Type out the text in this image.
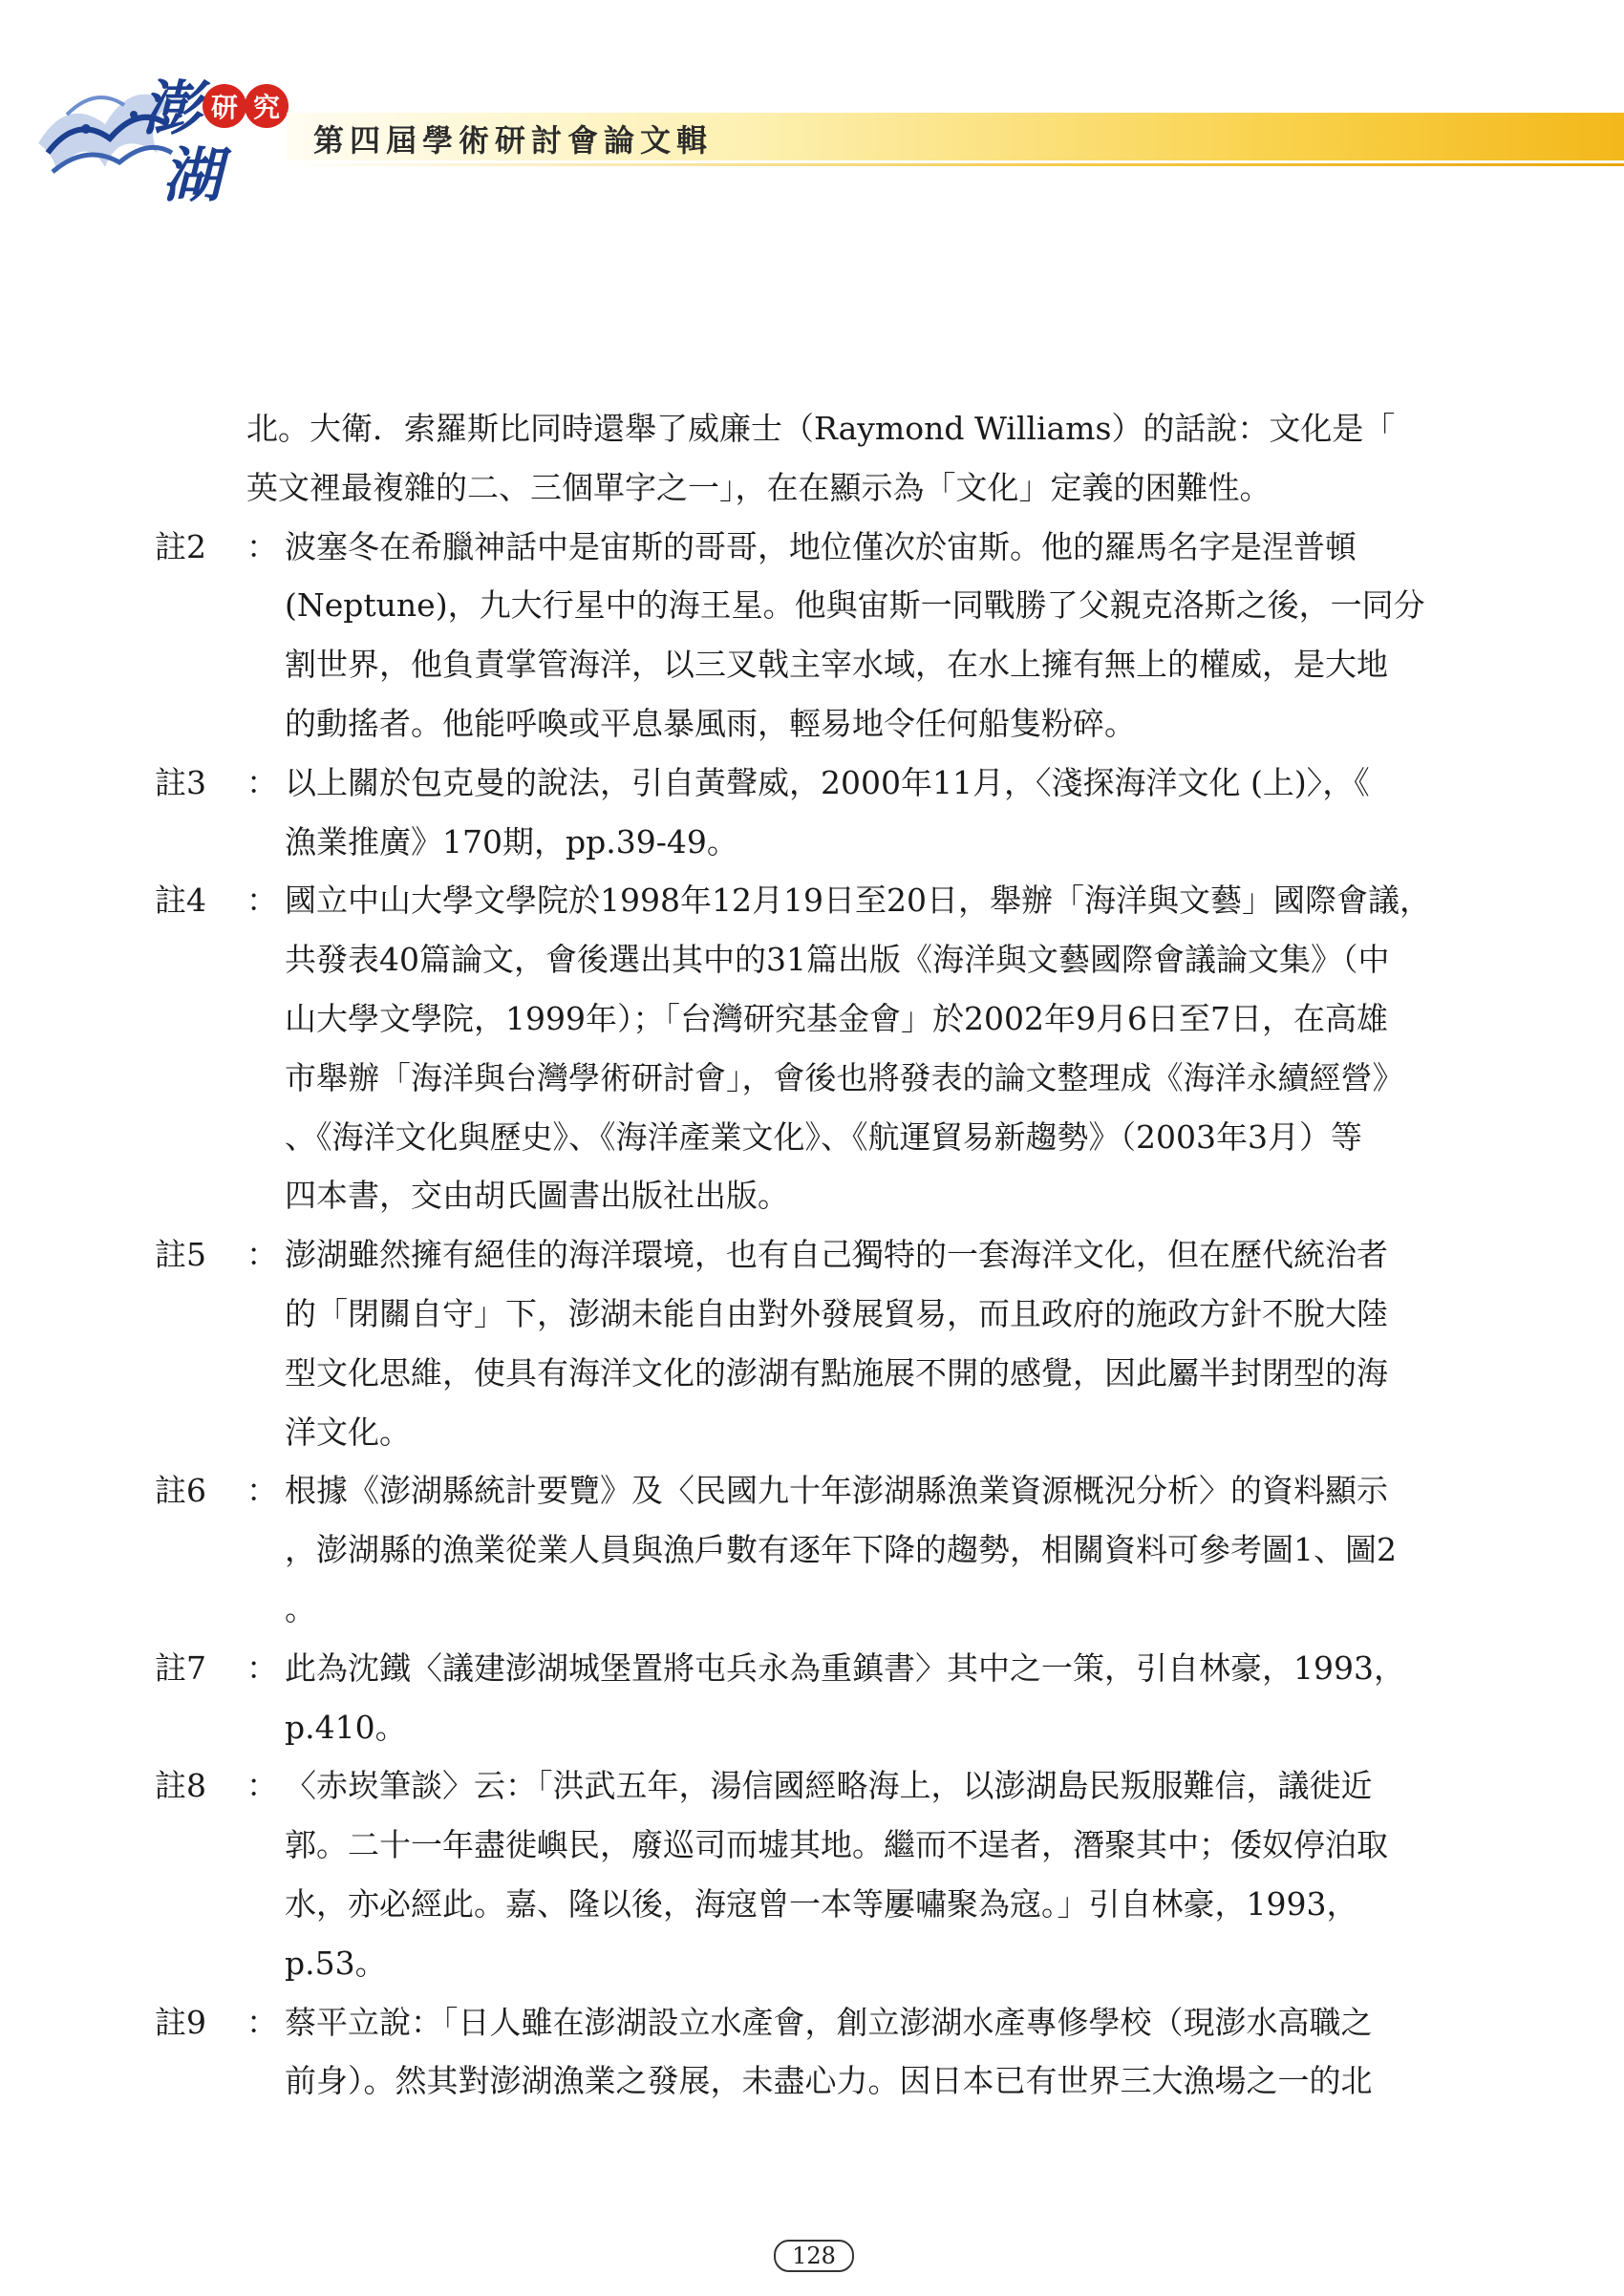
澎
湖
研 究
第四屆學術研討會論文輯
北。大衛．索羅斯比同時還舉了威廉士（Raymond Williams）的話說：文化是「
英文裡最複雜的二、三個單字之一」，在在顯示為「文化」定義的困難性。
註2	： 波塞冬在希臘神話中是宙斯的哥哥，地位僅次於宙斯。他的羅馬名字是涅普頓
(Neptune)，九大行星中的海王星。他與宙斯一同戰勝了父親克洛斯之後，一同分
割世界，他負責掌管海洋，以三叉戟主宰水域，在水上擁有無上的權威，是大地
的動搖者。他能呼喚或平息暴風雨，輕易地令任何船隻粉碎。
註3	： 以上關於包克曼的說法，引自黃聲威，2000年11月，〈淺探海洋文化 (上)〉，《
漁業推廣》170期，pp.39-49。
註4	： 國立中山大學文學院於1998年12月19日至20日，舉辦「海洋與文藝」國際會議，
共發表40篇論文，會後選出其中的31篇出版《海洋與文藝國際會議論文集》（中
山大學文學院，1999年）；「台灣研究基金會」於2002年9月6日至7日，在高雄
市舉辦「海洋與台灣學術研討會」，會後也將發表的論文整理成《海洋永續經營》
、《海洋文化與歷史》、《海洋產業文化》、《航運貿易新趨勢》（2003年3月）等
四本書，交由胡氏圖書出版社出版。
註5	： 澎湖雖然擁有絕佳的海洋環境，也有自己獨特的一套海洋文化，但在歷代統治者
的「閉關自守」下，澎湖未能自由對外發展貿易，而且政府的施政方針不脫大陸
型文化思維，使具有海洋文化的澎湖有點施展不開的感覺，因此屬半封閉型的海
洋文化。
註6	： 根據《澎湖縣統計要覽》及〈民國九十年澎湖縣漁業資源概況分析〉的資料顯示
，澎湖縣的漁業從業人員與漁戶數有逐年下降的趨勢，相關資料可參考圖1、圖2
。
註7	： 此為沈鐵〈議建澎湖城堡置將屯兵永為重鎮書〉其中之一策，引自林豪，1993，
p.410。
註8	： 〈赤崁筆談〉云：「洪武五年，湯信國經略海上，以澎湖島民叛服難信，議徙近
郭。二十一年盡徙嶼民，廢巡司而墟其地。繼而不逞者，潛聚其中；倭奴停泊取
水，亦必經此。嘉、隆以後，海寇曾一本等屢嘯聚為寇。」引自林豪，1993，
p.53。
註9	： 蔡平立說：「日人雖在澎湖設立水產會，創立澎湖水產專修學校（現澎水高職之
前身）。然其對澎湖漁業之發展，未盡心力。因日本已有世界三大漁場之一的北
128
